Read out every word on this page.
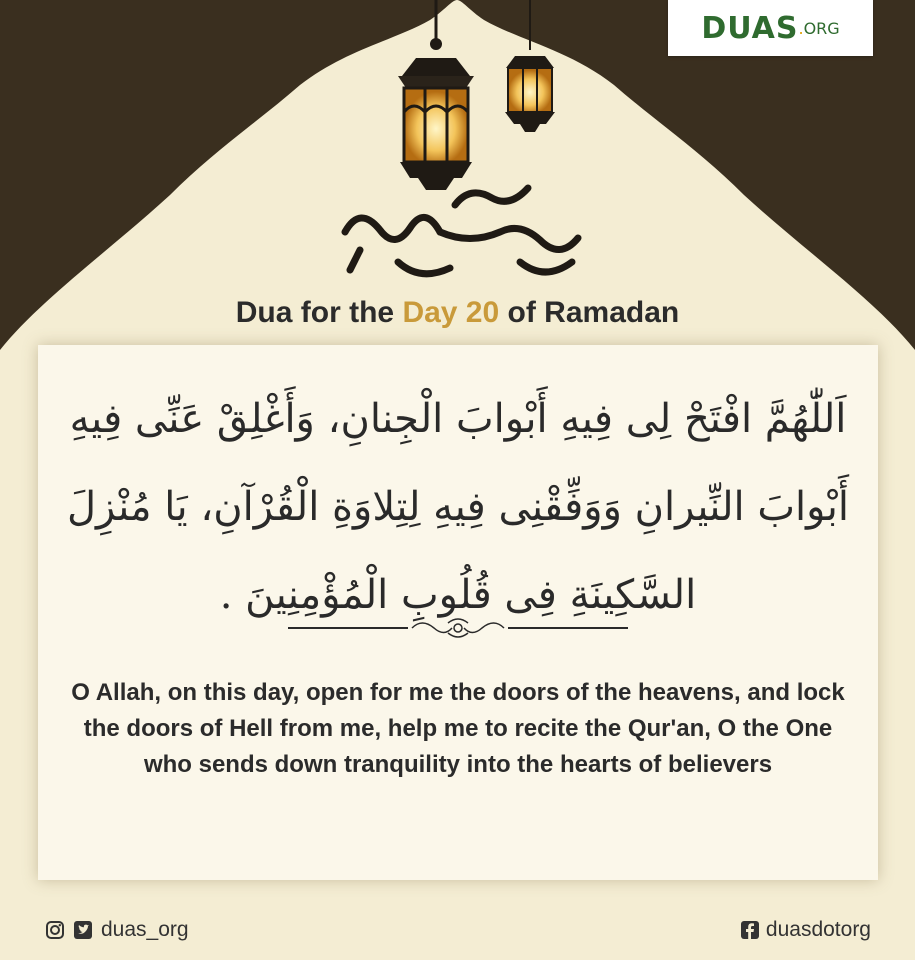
DUAS . ORG
Dua for the Day 20 of Ramadan
اَللّٰهُمَّ افْتَحْ لِی فِیهِ أَبْوابَ الْجِنانِ، وَأَغْلِقْ عَنِّی فِیهِ أَبْوابَ النِّیرانِ وَوَفِّقْنِی فِیهِ لِتِلاوَةِ الْقُرْآنِ، یَا مُنْزِلَ السَّكِینَةِ فِی قُلُوبِ الْمُؤْمِنِینَ .
O Allah, on this day, open for me the doors of the heavens, and lock the doors of Hell from me, help me to recite the Qur'an, O the One who sends down tranquility into the hearts of believers
duas_org	duasdotorg
